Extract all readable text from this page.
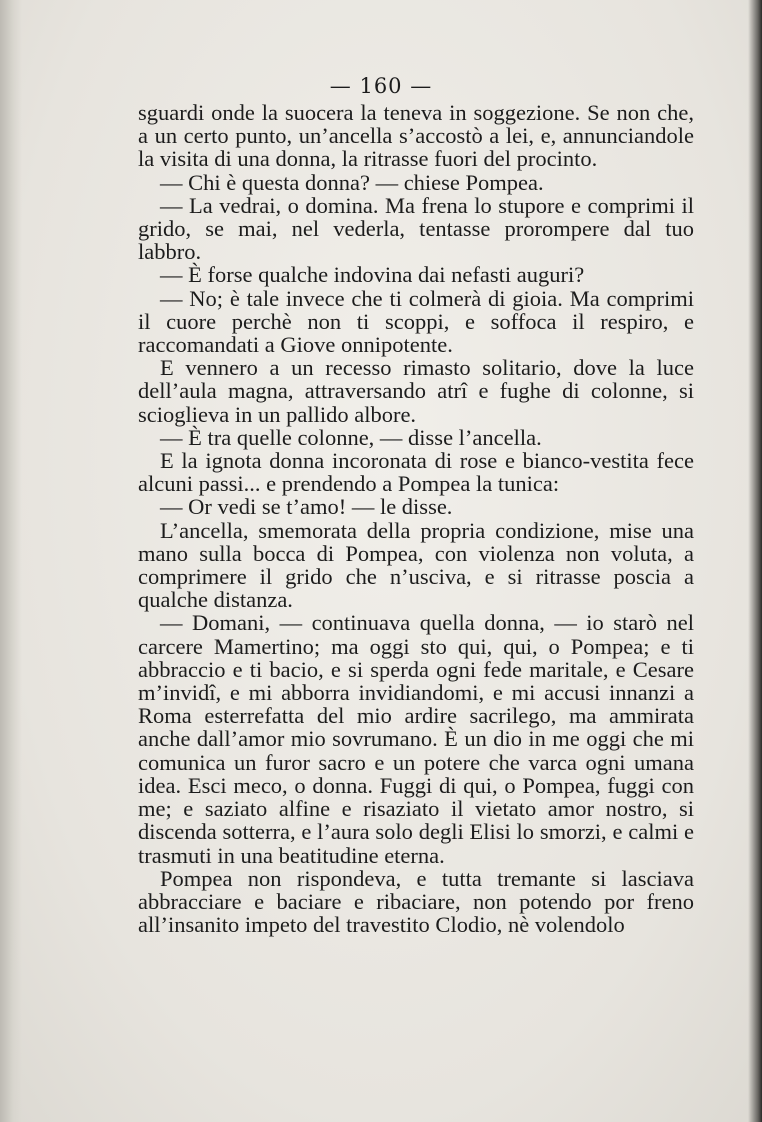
— 160 —

sguardi onde la suocera la teneva in soggezione. Se non che, a un certo punto, un’ancella s’accostò a lei, e, annunciandole la visita di una donna, la ritrasse fuori del procinto.

— Chi è questa donna? — chiese Pompea.

— La vedrai, o domina. Ma frena lo stupore e comprimi il grido, se mai, nel vederla, tentasse prorompere dal tuo labbro.

— È forse qualche indovina dai nefasti auguri?

— No; è tale invece che ti colmerà di gioia. Ma comprimi il cuore perchè non ti scoppi, e soffoca il respiro, e raccomandati a Giove onnipotente.

E vennero a un recesso rimasto solitario, dove la luce dell’aula magna, attraversando atrî e fughe di colonne, si scioglieva in un pallido albore.

— È tra quelle colonne, — disse l’ancella.

E la ignota donna incoronata di rose e bianco-vestita fece alcuni passi... e prendendo a Pompea la tunica:

— Or vedi se t’amo! — le disse.

L’ancella, smemorata della propria condizione, mise una mano sulla bocca di Pompea, con violenza non voluta, a comprimere il grido che n’usciva, e si ritrasse poscia a qualche distanza.

— Domani, — continuava quella donna, — io starò nel carcere Mamertino; ma oggi sto qui, qui, o Pompea; e ti abbraccio e ti bacio, e si sperda ogni fede maritale, e Cesare m’invidî, e mi abborra invidiandomi, e mi accusi innanzi a Roma esterrefatta del mio ardire sacrilego, ma ammirata anche dall’amor mio sovrumano. È un dio in me oggi che mi comunica un furor sacro e un potere che varca ogni umana idea. Esci meco, o donna. Fuggi di qui, o Pompea, fuggi con me; e saziato alfine e risaziato il vietato amor nostro, si discenda sotterra, e l’aura solo degli Elisi lo smorzi, e calmi e trasmuti in una beatitudine eterna.

Pompea non rispondeva, e tutta tremante si lasciava abbracciare e baciare e ribaciare, non potendo por freno all’insanito impeto del travestito Clodio, nè volendolo
